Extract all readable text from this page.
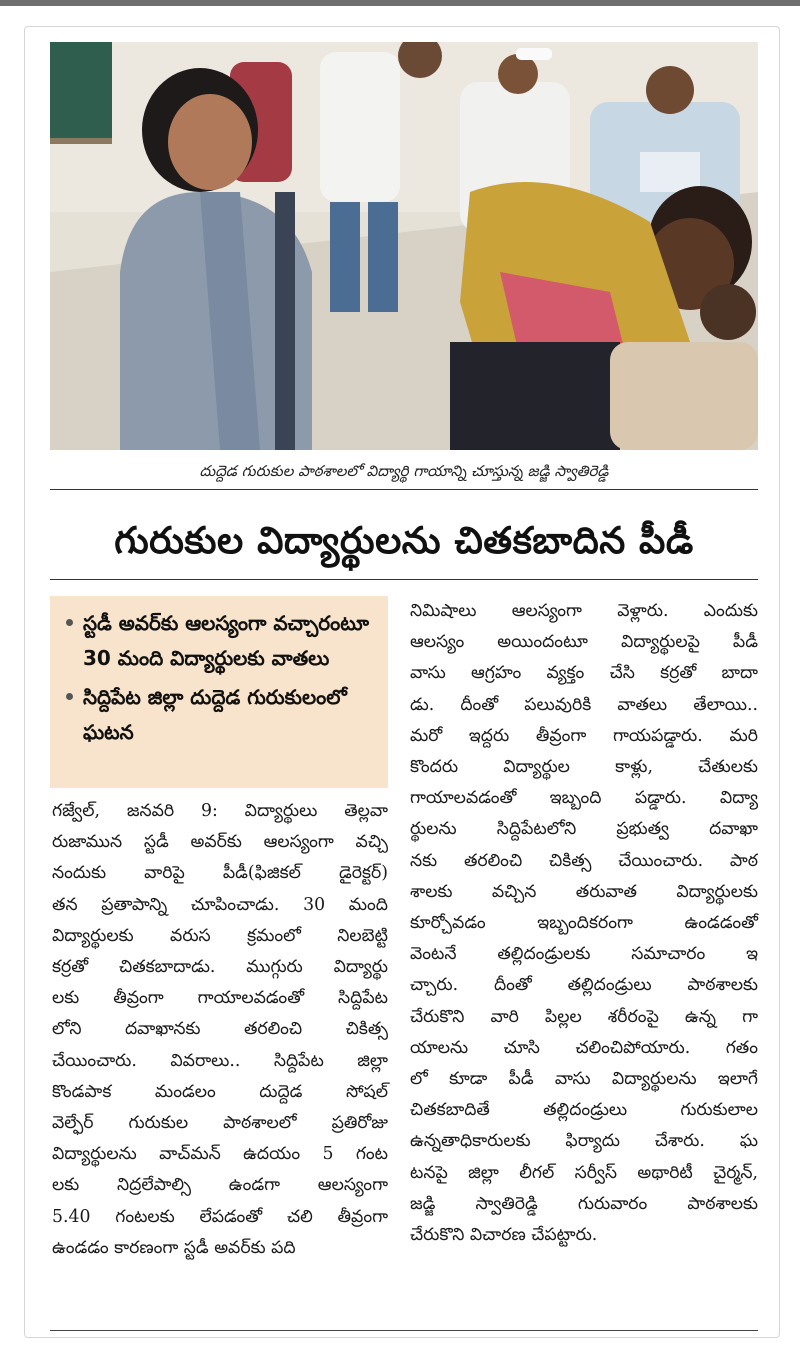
దుద్దెడ గురుకుల పాఠశాలలో విద్యార్థి గాయాన్ని చూస్తున్న జడ్జి స్వాతిరెడ్డి
గురుకుల విద్యార్థులను చితకబాదిన పీడీ
స్టడీ అవర్‌కు ఆలస్యంగా వచ్చారంటూ 30 మంది విద్యార్థులకు వాతలు
సిద్దిపేట జిల్లా దుద్దెడ గురుకులంలో ఘటన
గజ్వేల్, జనవరి 9: విద్యార్థులు తెల్లవా
రుజామున స్టడీ అవర్‌కు ఆలస్యంగా వచ్చి
నందుకు వారిపై పీడీ(ఫిజికల్ డైరెక్టర్)
తన ప్రతాపాన్ని చూపించాడు. 30 మంది
విద్యార్థులకు వరుస క్రమంలో నిలబెట్టి
కర్రతో చితకబాదాడు. ముగ్గురు విద్యార్థు
లకు తీవ్రంగా గాయాలవడంతో సిద్దిపేట
లోని దవాఖానకు తరలించి చికిత్స
చేయించారు. వివరాలు.. సిద్దిపేట జిల్లా
కొండపాక మండలం దుద్దెడ సోషల్
వెల్ఫేర్ గురుకుల పాఠశాలలో ప్రతిరోజు
విద్యార్థులను వాచ్‌మన్ ఉదయం 5 గంట
లకు నిద్రలేపాల్సి ఉండగా ఆలస్యంగా
5.40 గంటలకు లేపడంతో చలి తీవ్రంగా
ఉండడం కారణంగా స్టడీ అవర్‌కు పది
నిమిషాలు ఆలస్యంగా వెళ్లారు. ఎందుకు
ఆలస్యం అయిందంటూ విద్యార్థులపై పీడీ
వాసు ఆగ్రహం వ్యక్తం చేసి కర్రతో బాదా
డు. దీంతో పలువురికి వాతలు తేలాయి..
మరో ఇద్దరు తీవ్రంగా గాయపడ్డారు. మరి
కొందరు విద్యార్థుల కాళ్లు, చేతులకు
గాయాలవడంతో ఇబ్బంది పడ్డారు. విద్యా
ర్థులను సిద్దిపేటలోని ప్రభుత్వ దవాఖా
నకు తరలించి చికిత్స చేయించారు. పాఠ
శాలకు వచ్చిన తరువాత విద్యార్థులకు
కూర్చోవడం ఇబ్బందికరంగా ఉండడంతో
వెంటనే తల్లిదండ్రులకు సమాచారం ఇ
చ్చారు. దీంతో తల్లిదండ్రులు పాఠశాలకు
చేరుకొని వారి పిల్లల శరీరంపై ఉన్న గా
యాలను చూసి చలించిపోయారు. గతం
లో కూడా పీడీ వాసు విద్యార్థులను ఇలాగే
చితకబాదితే తల్లిదండ్రులు గురుకులాల
ఉన్నతాధికారులకు ఫిర్యాదు చేశారు. ఘ
టనపై జిల్లా లీగల్ సర్వీస్ అథారిటీ చైర్మన్,
జడ్జి స్వాతిరెడ్డి గురువారం పాఠశాలకు
చేరుకొని విచారణ చేపట్టారు.
